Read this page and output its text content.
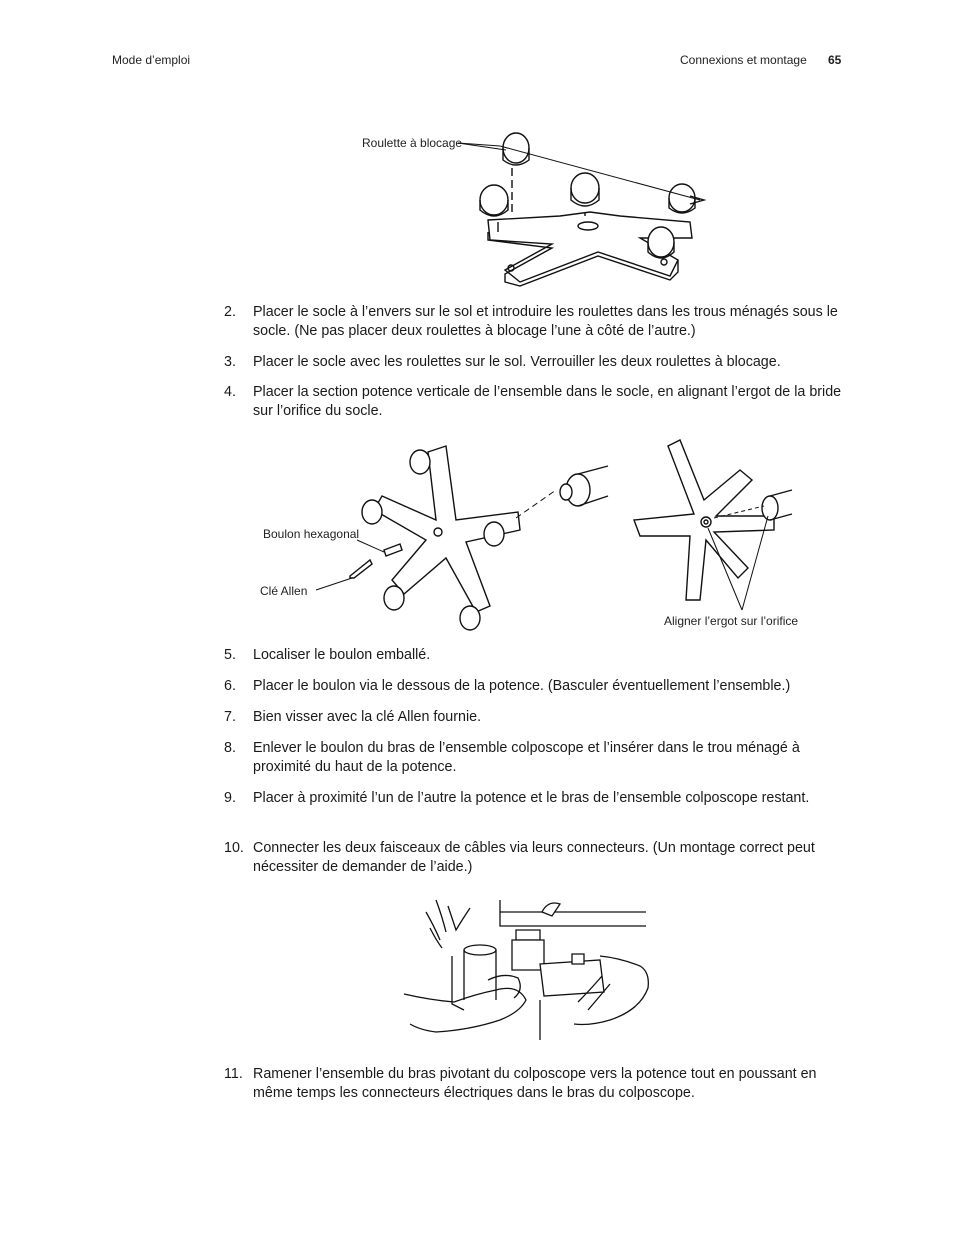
Mode d’emploi	Connexions et montage 65
Roulette à blocage
2.	Placer le socle à l’envers sur le sol et introduire les roulettes dans les trous ménagés sous le socle. (Ne pas placer deux roulettes à blocage l’une à côté de l’autre.)
3.	Placer le socle avec les roulettes sur le sol. Verrouiller les deux roulettes à blocage.
4.	Placer la section potence verticale de l’ensemble dans le socle, en alignant l’ergot de la bride sur l’orifice du socle.
Boulon hexagonal
Clé Allen
Aligner l’ergot sur l’orifice
5.	Localiser le boulon emballé.
6.	Placer le boulon via le dessous de la potence. (Basculer éventuellement l’ensemble.)
7.	Bien visser avec la clé Allen fournie.
8.	Enlever le boulon du bras de l’ensemble colposcope et l’insérer dans le trou ménagé à proximité du haut de la potence.
9.	Placer à proximité l’un de l’autre la potence et le bras de l’ensemble colposcope restant.
10. Connecter les deux faisceaux de câbles via leurs connecteurs. (Un montage correct peut nécessiter de demander de l’aide.)
11. Ramener l’ensemble du bras pivotant du colposcope vers la potence tout en poussant en même temps les connecteurs électriques dans le bras du colposcope.
